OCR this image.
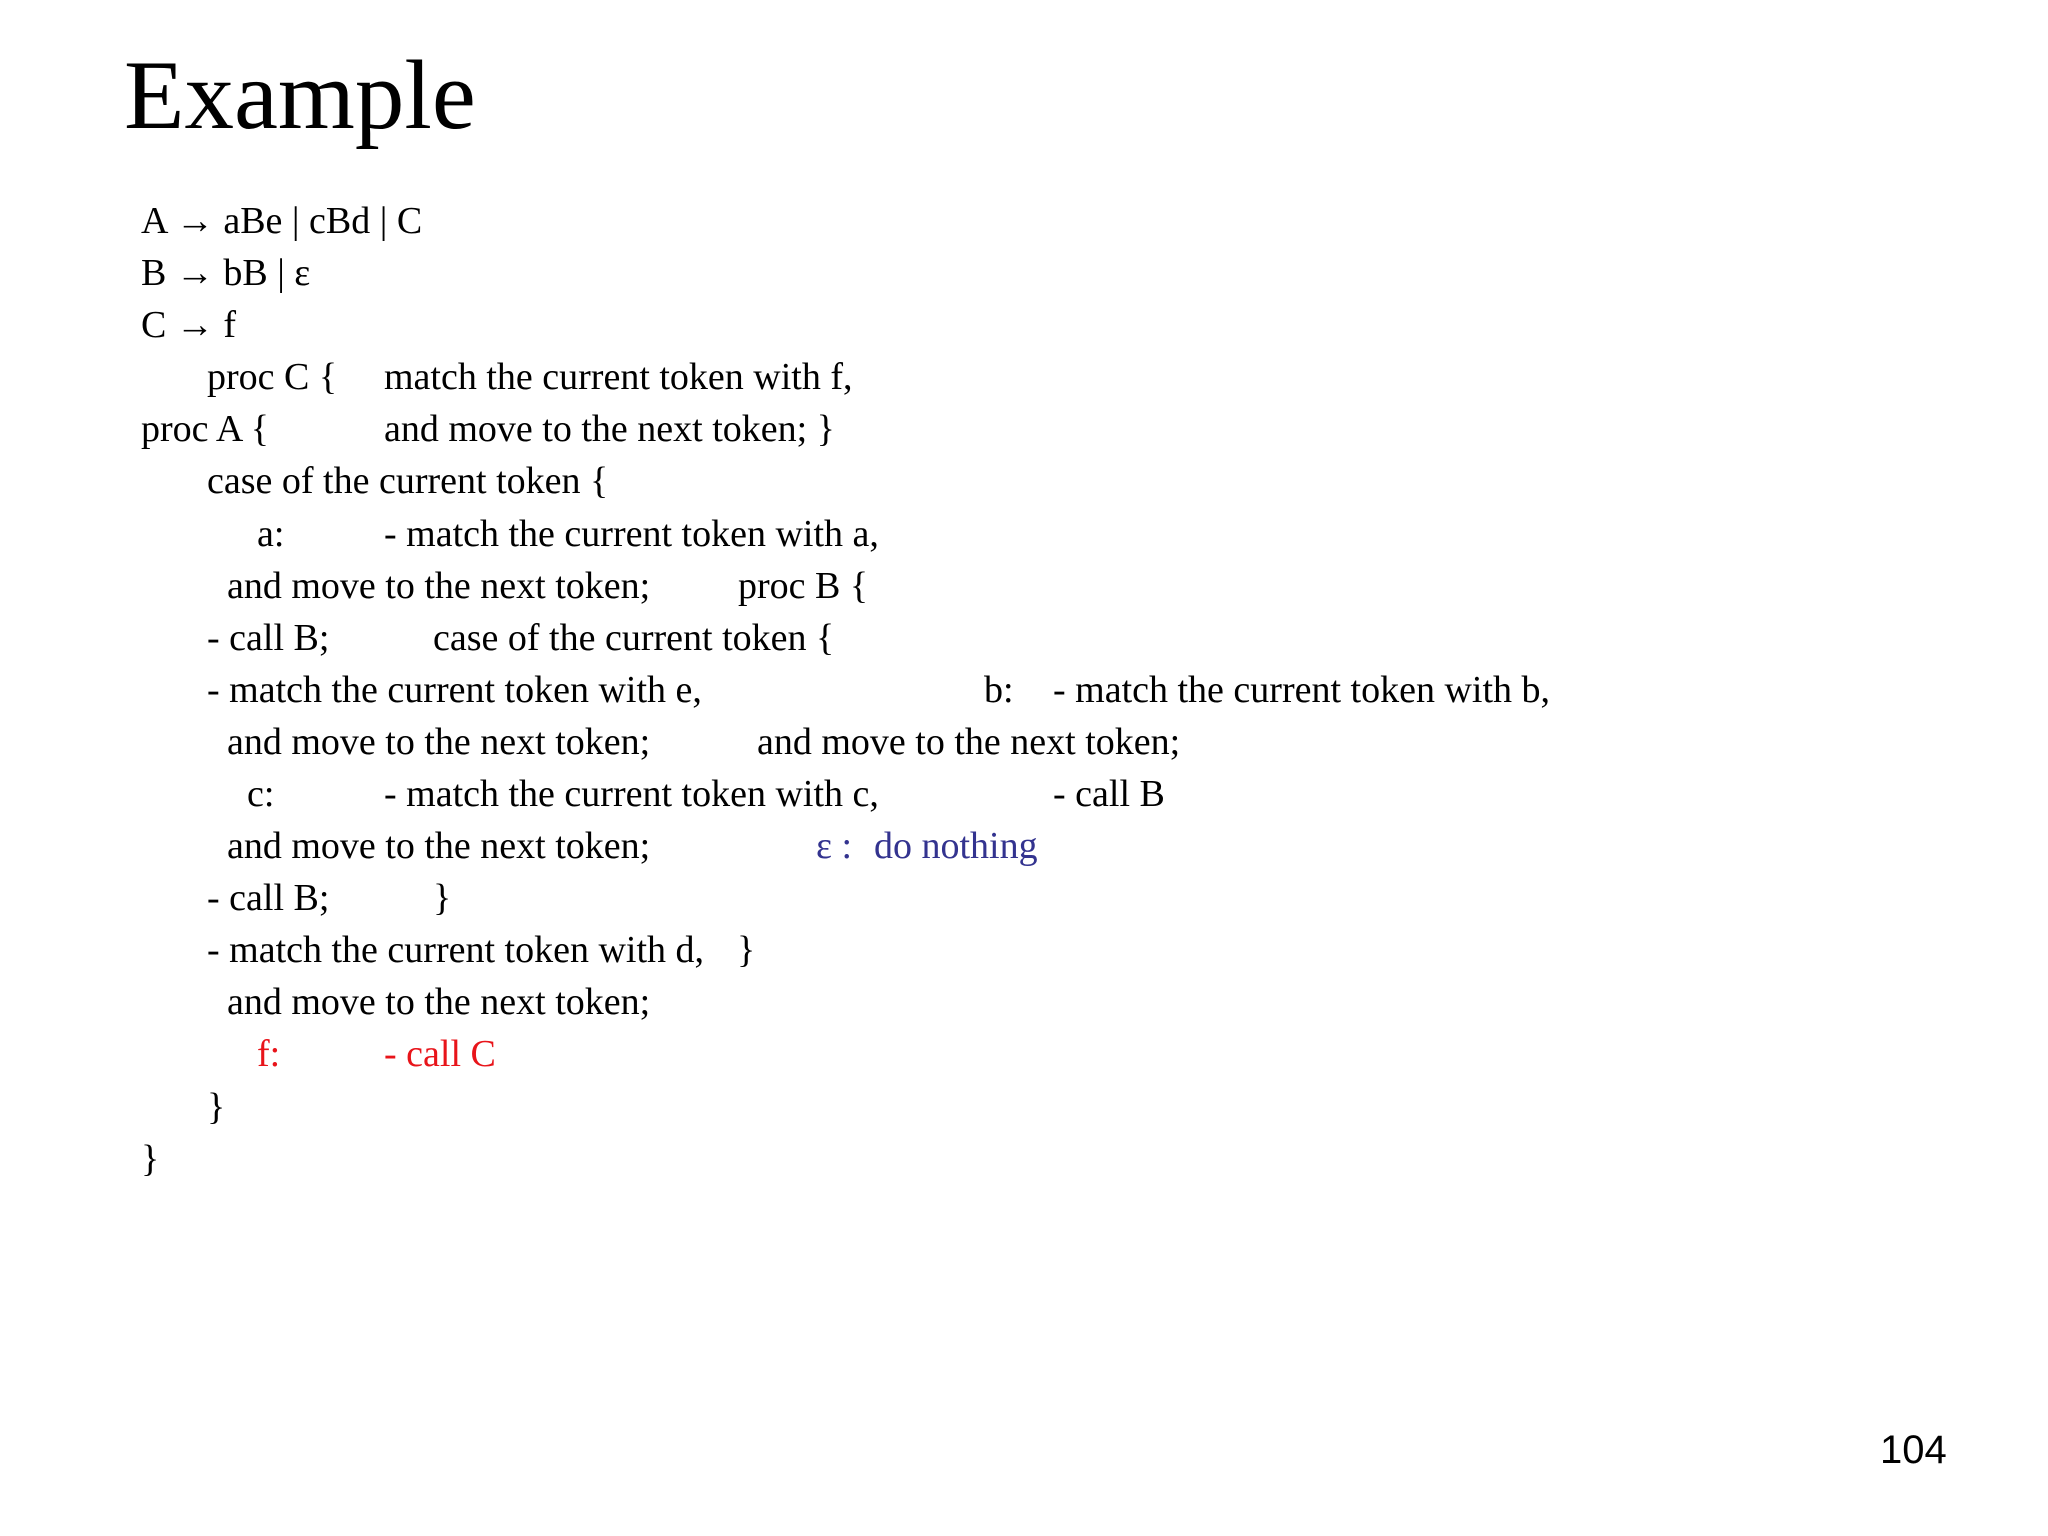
Example
A → aBe | cBd | C
B → bB | ε
C → f
proc C { match the current token with f,
proc A {	and move to the next token; }
case of the current token {
a:	- match the current token with a,
and move to the next token; proc B {
- call B;	case of the current token {
- match the current token with e,	b: - match the current token with b,
and move to the next token;	and move to the next token;
c:	- match the current token with c,	- call B
and move to the next token;	ε : do nothing
- call B;	}
- match the current token with d, }
and move to the next token;
f:	- call C
}
}
104
